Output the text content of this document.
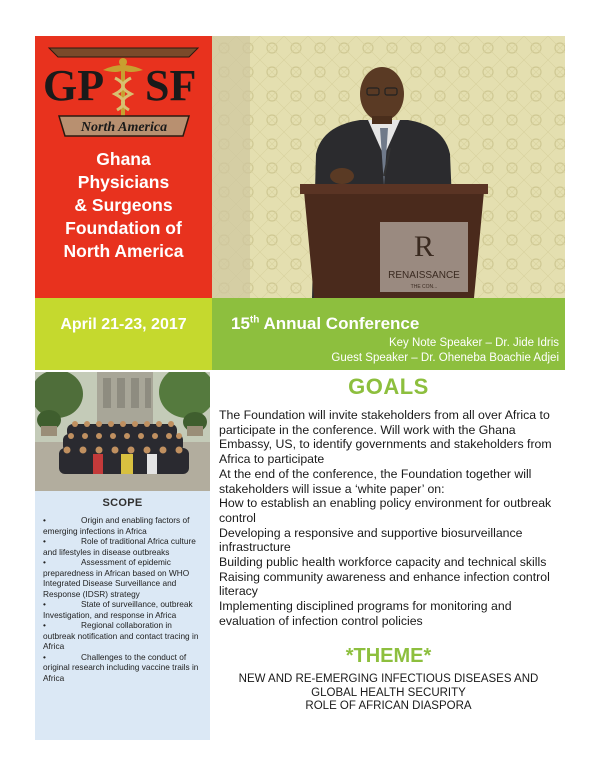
GP SF
North America
Ghana
Physicians
& Surgeons
Foundation of
North America	R
RENAISSANCE
THE CON...
April 21-23, 2017	15th Annual Conference
Key Note Speaker – Dr. Jide Idris
Guest Speaker – Dr. Oheneba Boachie Adjei
SCOPE
•	Origin and enabling factors of emerging infections in Africa
•	Role of traditional Africa culture and lifestyles in disease outbreaks
•	Assessment of epidemic preparedness in African based on WHO Integrated Disease Surveillance and Response (IDSR) strategy
•	State of surveillance, outbreak Investigation, and response in Africa
•	Regional collaboration in outbreak notification and contact tracing in Africa
•	Challenges to the conduct of original research including vaccine trails in Africa
GOALS

The Foundation will invite stakeholders from all over Africa to participate in the conference. Will work with the Ghana Embassy, US, to identify governments and stakeholders from Africa to participate

At the end of the conference, the Foundation together will stakeholders will issue a ‘white paper’ on:

How to establish an enabling policy environment for outbreak control

Developing a responsive and supportive biosurveillance infrastructure

Building public health workforce capacity and technical skills

Raising community awareness and enhance infection control literacy

Implementing disciplined programs for monitoring and evaluation of infection control policies

*THEME*

NEW AND RE-EMERGING INFECTIOUS DISEASES AND

GLOBAL HEALTH SECURITY

ROLE OF AFRICAN DIASPORA
